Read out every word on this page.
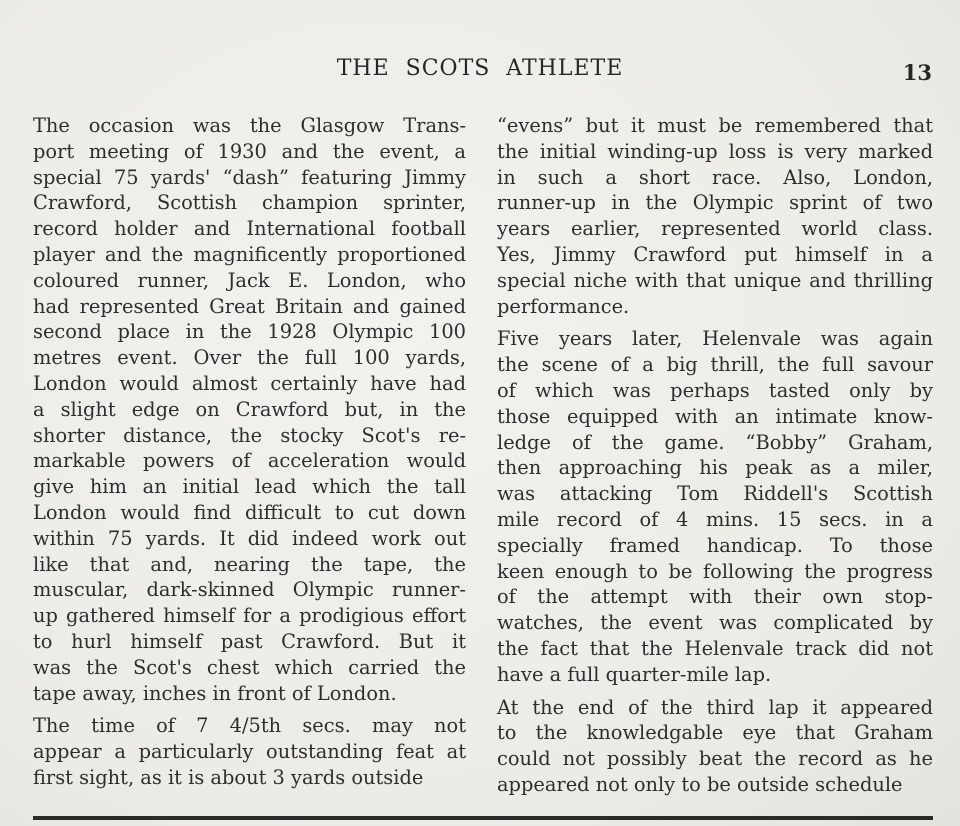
THE SCOTS ATHLETE	13
The occasion was the Glasgow Trans-
port meeting of 1930 and the event, a
special 75 yards' “dash” featuring Jimmy
Crawford, Scottish champion sprinter,
record holder and International football
player and the magnificently proportioned
coloured runner, Jack E. London, who
had represented Great Britain and gained
second place in the 1928 Olympic 100
metres event. Over the full 100 yards,
London would almost certainly have had
a slight edge on Crawford but, in the
shorter distance, the stocky Scot's re-
markable powers of acceleration would
give him an initial lead which the tall
London would find difficult to cut down
within 75 yards. It did indeed work out
like that and, nearing the tape, the
muscular, dark-skinned Olympic runner-
up gathered himself for a prodigious effort
to hurl himself past Crawford. But it
was the Scot's chest which carried the
tape away, inches in front of London.
The time of 7 4/5th secs. may not
appear a particularly outstanding feat at
first sight, as it is about 3 yards outside
“evens” but it must be remembered that
the initial winding-up loss is very marked
in such a short race. Also, London,
runner-up in the Olympic sprint of two
years earlier, represented world class.
Yes, Jimmy Crawford put himself in a
special niche with that unique and thrilling
performance.
Five years later, Helenvale was again
the scene of a big thrill, the full savour
of which was perhaps tasted only by
those equipped with an intimate know-
ledge of the game. “Bobby” Graham,
then approaching his peak as a miler,
was attacking Tom Riddell's Scottish
mile record of 4 mins. 15 secs. in a
specially framed handicap. To those
keen enough to be following the progress
of the attempt with their own stop-
watches, the event was complicated by
the fact that the Helenvale track did not
have a full quarter-mile lap.
At the end of the third lap it appeared
to the knowledgable eye that Graham
could not possibly beat the record as he
appeared not only to be outside schedule
